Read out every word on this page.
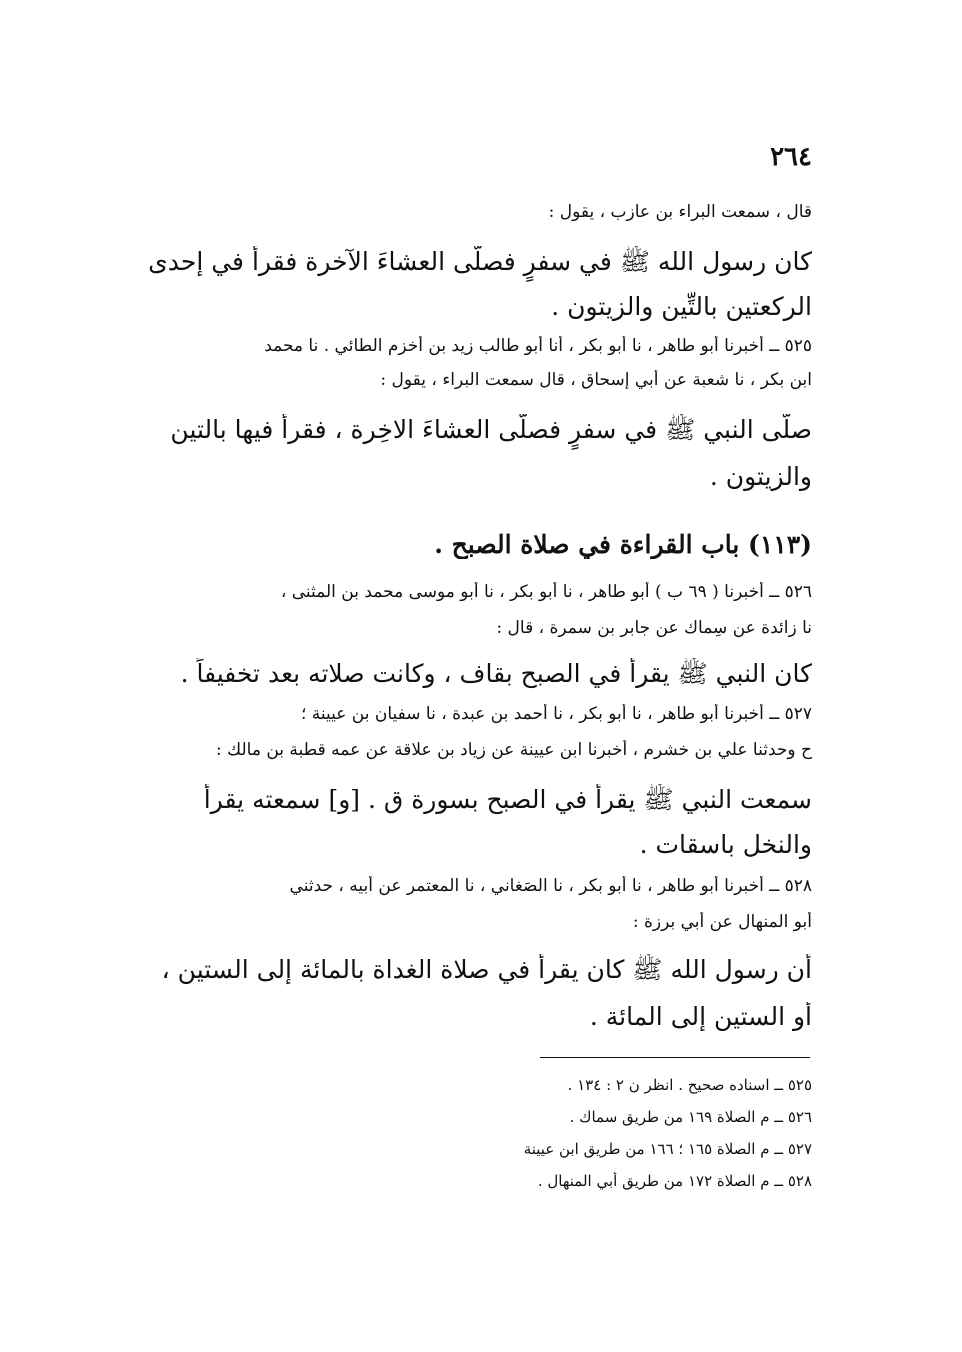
٢٦٤
قال ، سمعت البراء بن عازب ، يقول :
كان رسول الله ﷺ في سفرٍ فصلَّى العشاءَ الآخرة فقرأَ في إحدى
الركعتين بالتِّين والزيتون .
٥٢٥ ــ أخبرنا أبو طاهر ، نا أبو بكر ، أنا أبو طالب زيد بن أخزم الطائي . نا محمد
ابن بكر ، نا شعبة عن أبي إسحاق ، قال سمعت البراء ، يقول :
صلَّى النبي ﷺ في سفرٍ فصلَّى العشاءَ الاخِرة ، فقرأَ فيها بالتين
والزيتون .
(١١٣) باب القراءة في صلاة الصبح .
٥٢٦ ــ أخبرنا ( ٦٩ ب ) أبو طاهر ، نا أبو بكر ، نا أبو موسى محمد بن المثنى ،
نا زائدة عن سِماك عن جابر بن سمرة ، قال :
كان النبي ﷺ يقرأُ في الصبح بقاف ، وكانت صلاته بعد تخفيفاً .
٥٢٧ ــ أخبرنا أبو طاهر ، نا أبو بكر ، نا أحمد بن عبدة ، نا سفيان بن عيينة ؛
ح وحدثنا علي بن خشرم ، أخبرنا ابن عيينة عن زياد بن علاقة عن عمه قطبة بن مالك :
سمعت النبي ﷺ يقرأُ في الصبح بسورة ق . [و] سمعته يقرأُ
والنخل باسقات .
٥٢٨ ــ أخبرنا أبو طاهر ، نا أبو بكر ، نا الصَغاني ، نا المعتمر عن أبيه ، حدثني
أبو المنهال عن أبي برزة :
أن رسول الله ﷺ كان يقرأُ في صلاة الغداة بالمائة إلى الستين ،
أو الستين إلى المائة .
٥٢٥ ــ اسناده صحيح . انظر ن ٢ : ١٣٤ .
٥٢٦ ــ م الصلاة ١٦٩ من طريق سماك .
٥٢٧ ــ م الصلاة ١٦٥ ؛ ١٦٦ من طريق ابن عيينة
٥٢٨ ــ م الصلاة ١٧٢ من طريق أبي المنهال .
